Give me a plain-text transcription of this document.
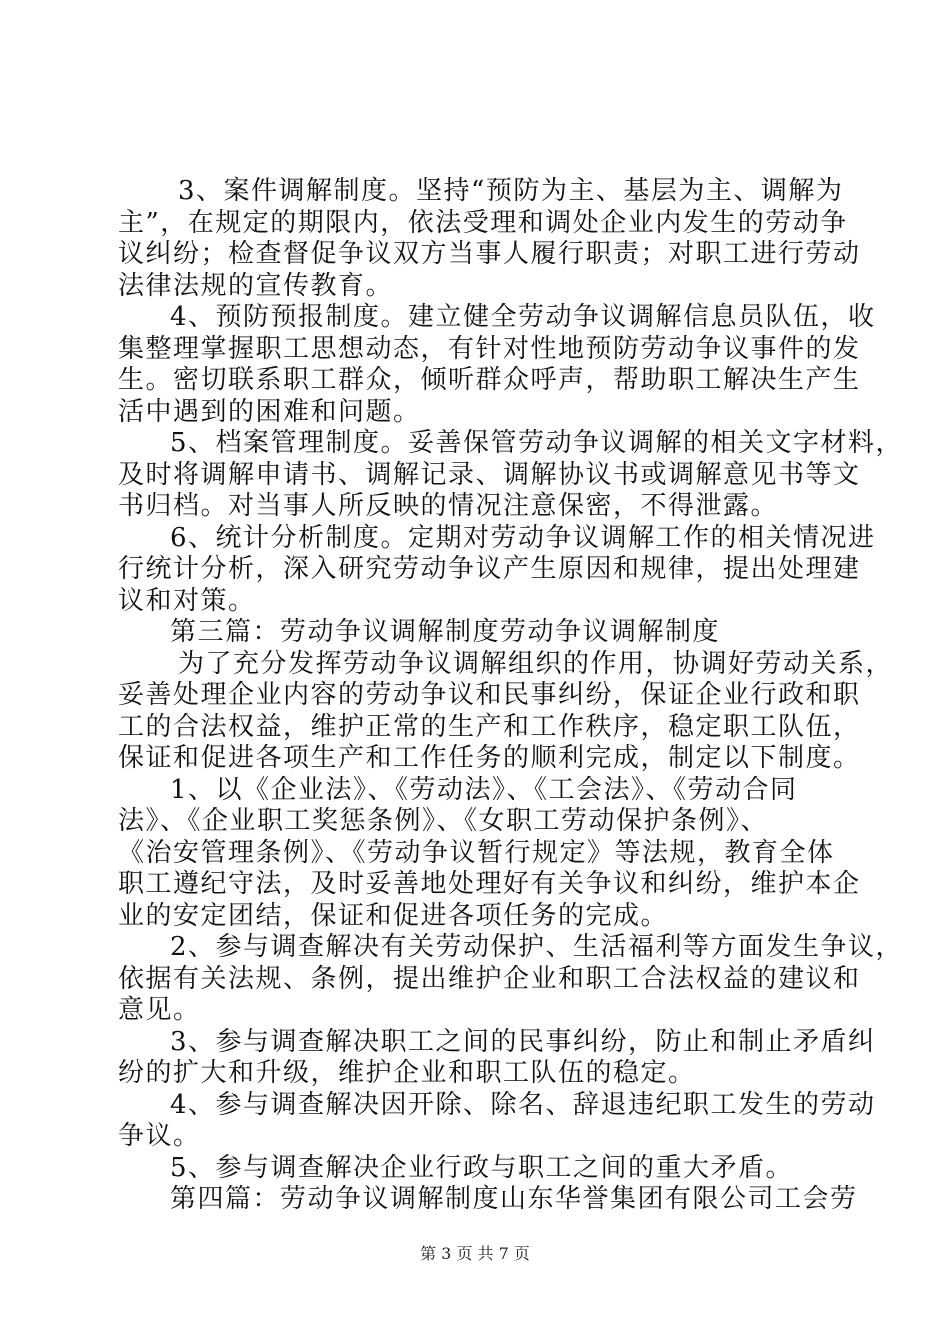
3、案件调解制度。坚持“预防为主、基层为主、调解为
主”，在规定的期限内，依法受理和调处企业内发生的劳动争
议纠纷；检查督促争议双方当事人履行职责；对职工进行劳动
法律法规的宣传教育。
4、预防预报制度。建立健全劳动争议调解信息员队伍，收
集整理掌握职工思想动态，有针对性地预防劳动争议事件的发
生。密切联系职工群众，倾听群众呼声，帮助职工解决生产生
活中遇到的困难和问题。
5、档案管理制度。妥善保管劳动争议调解的相关文字材料，
及时将调解申请书、调解记录、调解协议书或调解意见书等文
书归档。对当事人所反映的情况注意保密，不得泄露。
6、统计分析制度。定期对劳动争议调解工作的相关情况进
行统计分析，深入研究劳动争议产生原因和规律，提出处理建
议和对策。
第三篇：劳动争议调解制度劳动争议调解制度
为了充分发挥劳动争议调解组织的作用，协调好劳动关系，
妥善处理企业内容的劳动争议和民事纠纷，保证企业行政和职
工的合法权益，维护正常的生产和工作秩序，稳定职工队伍，
保证和促进各项生产和工作任务的顺利完成，制定以下制度。
1、以《企业法》、《劳动法》、《工会法》、《劳动合同
法》、《企业职工奖惩条例》、《女职工劳动保护条例》、
《治安管理条例》、《劳动争议暂行规定》等法规，教育全体
职工遵纪守法，及时妥善地处理好有关争议和纠纷，维护本企
业的安定团结，保证和促进各项任务的完成。
2、参与调查解决有关劳动保护、生活福利等方面发生争议，
依据有关法规、条例，提出维护企业和职工合法权益的建议和
意见。
3、参与调查解决职工之间的民事纠纷，防止和制止矛盾纠
纷的扩大和升级，维护企业和职工队伍的稳定。
4、参与调查解决因开除、除名、辞退违纪职工发生的劳动
争议。
5、参与调查解决企业行政与职工之间的重大矛盾。
第四篇：劳动争议调解制度山东华誉集团有限公司工会劳
第 3 页 共 7 页
